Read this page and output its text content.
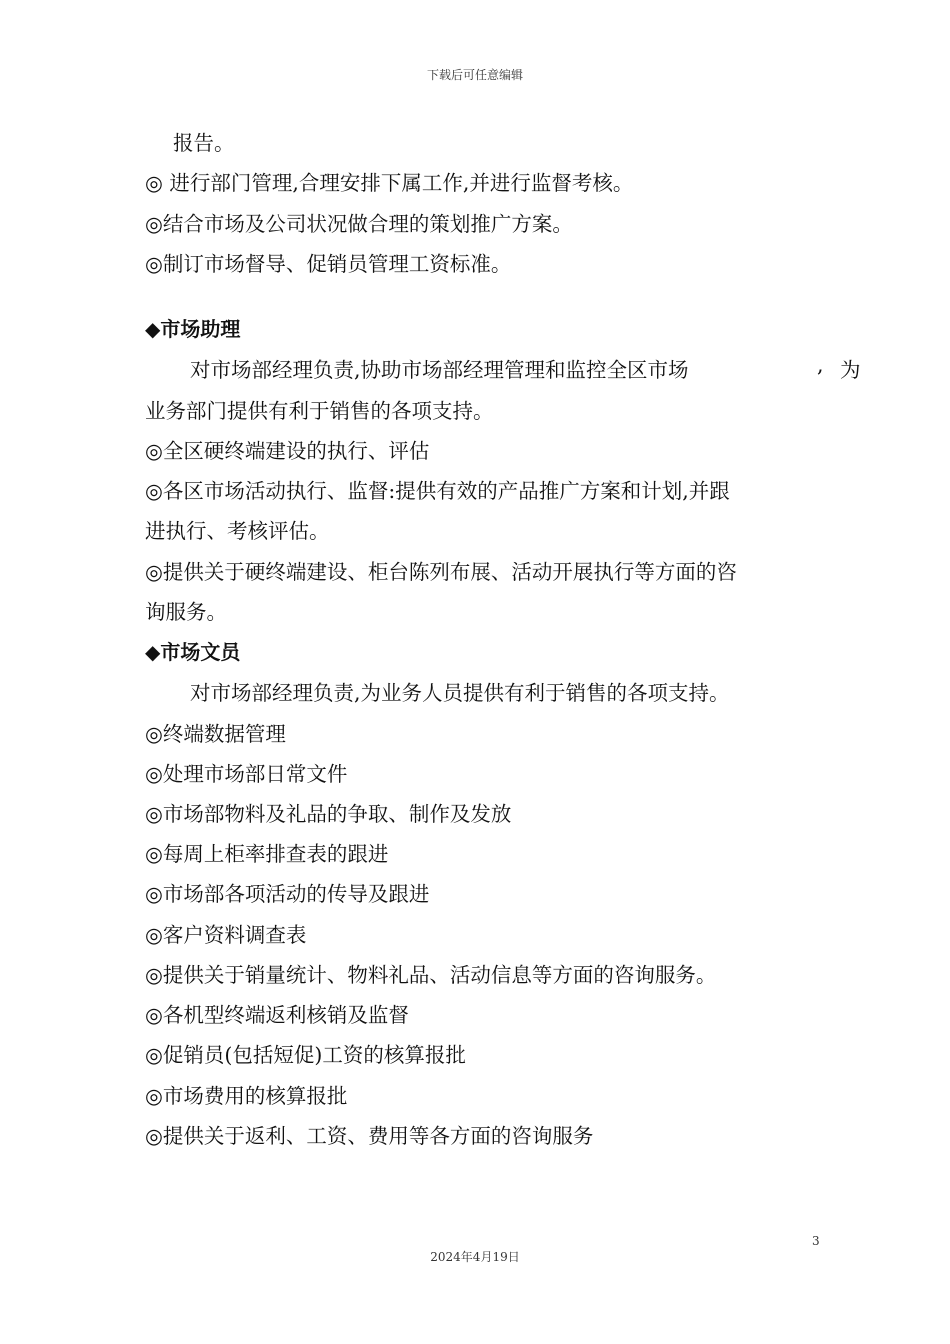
下载后可任意编辑
报告。
◎ 进行部门管理,合理安排下属工作,并进行监督考核。
◎结合市场及公司状况做合理的策划推广方案。
◎制订市场督导、促销员管理工资标准。
◆市场助理
对市场部经理负责,协助市场部经理管理和监控全区市场	, 为
业务部门提供有利于销售的各项支持。
◎全区硬终端建设的执行、评估
◎各区市场活动执行、监督:提供有效的产品推广方案和计划,并跟
进执行、考核评估。
◎提供关于硬终端建设、柜台陈列布展、活动开展执行等方面的咨
询服务。
◆市场文员
对市场部经理负责,为业务人员提供有利于销售的各项支持。
◎终端数据管理
◎处理市场部日常文件
◎市场部物料及礼品的争取、制作及发放
◎每周上柜率排查表的跟进
◎市场部各项活动的传导及跟进
◎客户资料调查表
◎提供关于销量统计、物料礼品、活动信息等方面的咨询服务。
◎各机型终端返利核销及监督
◎促销员(包括短促)工资的核算报批
◎市场费用的核算报批
◎提供关于返利、工资、费用等各方面的咨询服务
3
2024年4月19日
